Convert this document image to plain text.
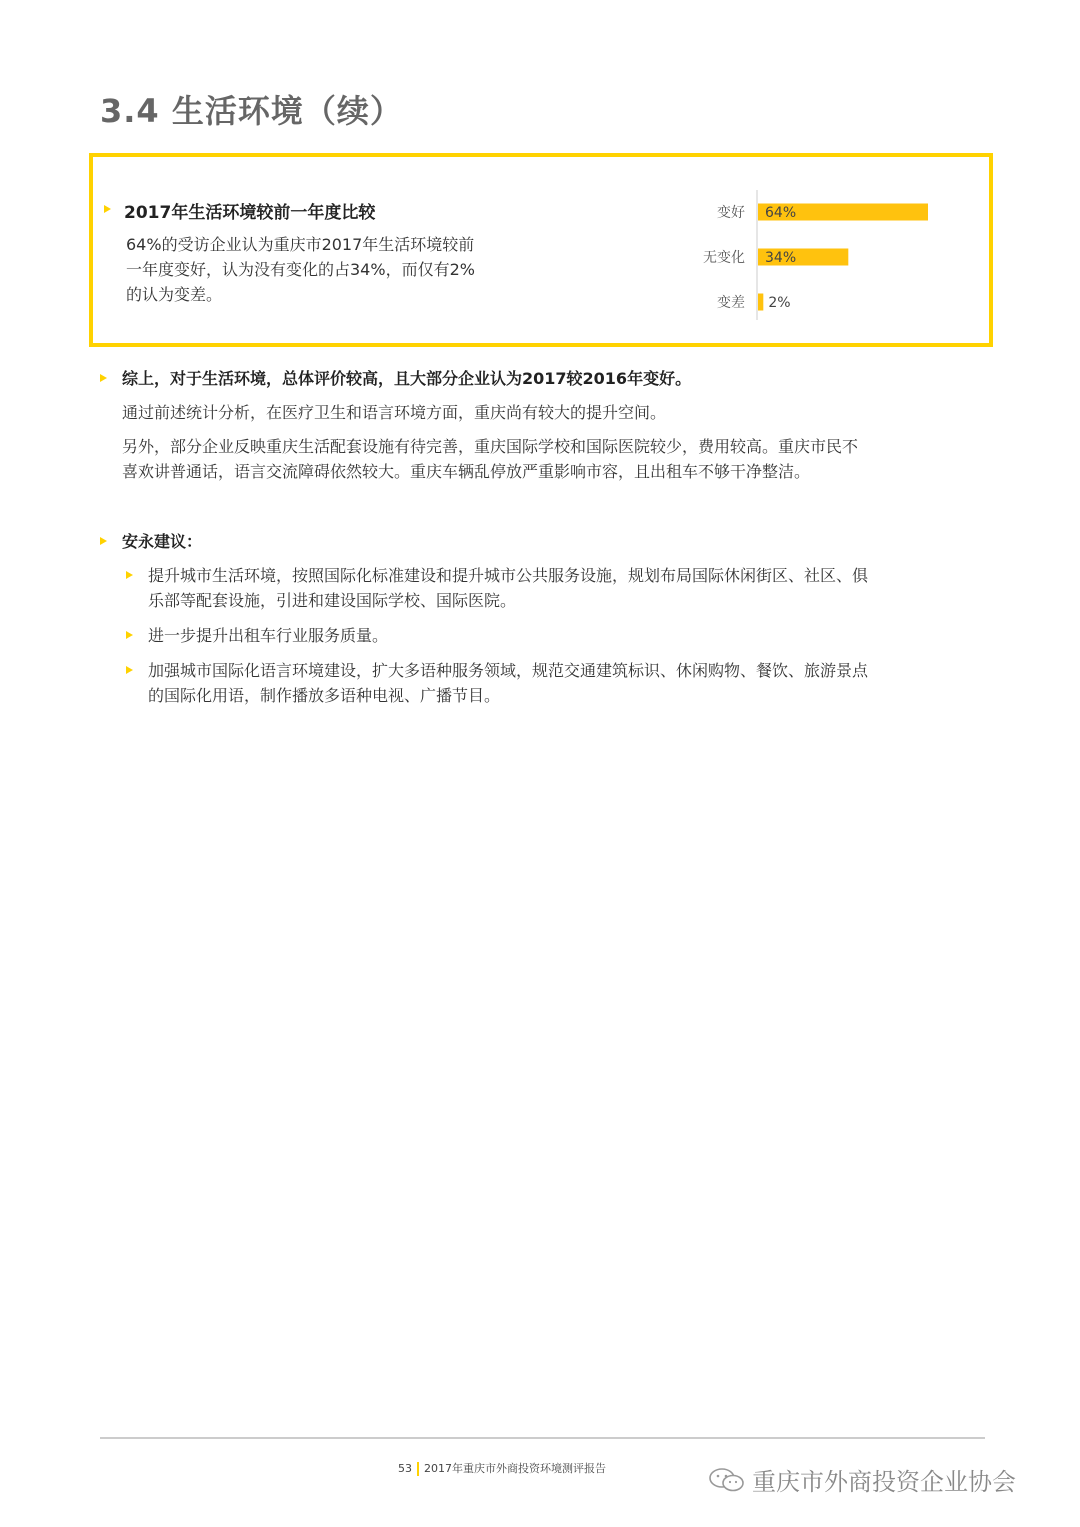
3.4 生活环境（续）
2017年生活环境较前一年度比较
64%的受访企业认为重庆市2017年生活环境较前
一年度变好，认为没有变化的占34%，而仅有2%
的认为变差。
变好 64%
无变化 34%
变差 2%
综上，对于生活环境，总体评价较高，且大部分企业认为2017较2016年变好。
通过前述统计分析，在医疗卫生和语言环境方面，重庆尚有较大的提升空间。
另外，部分企业反映重庆生活配套设施有待完善，重庆国际学校和国际医院较少，费用较高。重庆市民不
喜欢讲普通话，语言交流障碍依然较大。重庆车辆乱停放严重影响市容，且出租车不够干净整洁。
安永建议：
提升城市生活环境，按照国际化标准建设和提升城市公共服务设施，规划布局国际休闲街区、社区、俱
乐部等配套设施，引进和建设国际学校、国际医院。
进一步提升出租车行业服务质量。
加强城市国际化语言环境建设，扩大多语种服务领域，规范交通建筑标识、休闲购物、餐饮、旅游景点
的国际化用语，制作播放多语种电视、广播节目。
53 2017年重庆市外商投资环境测评报告	重庆市外商投资企业协会
